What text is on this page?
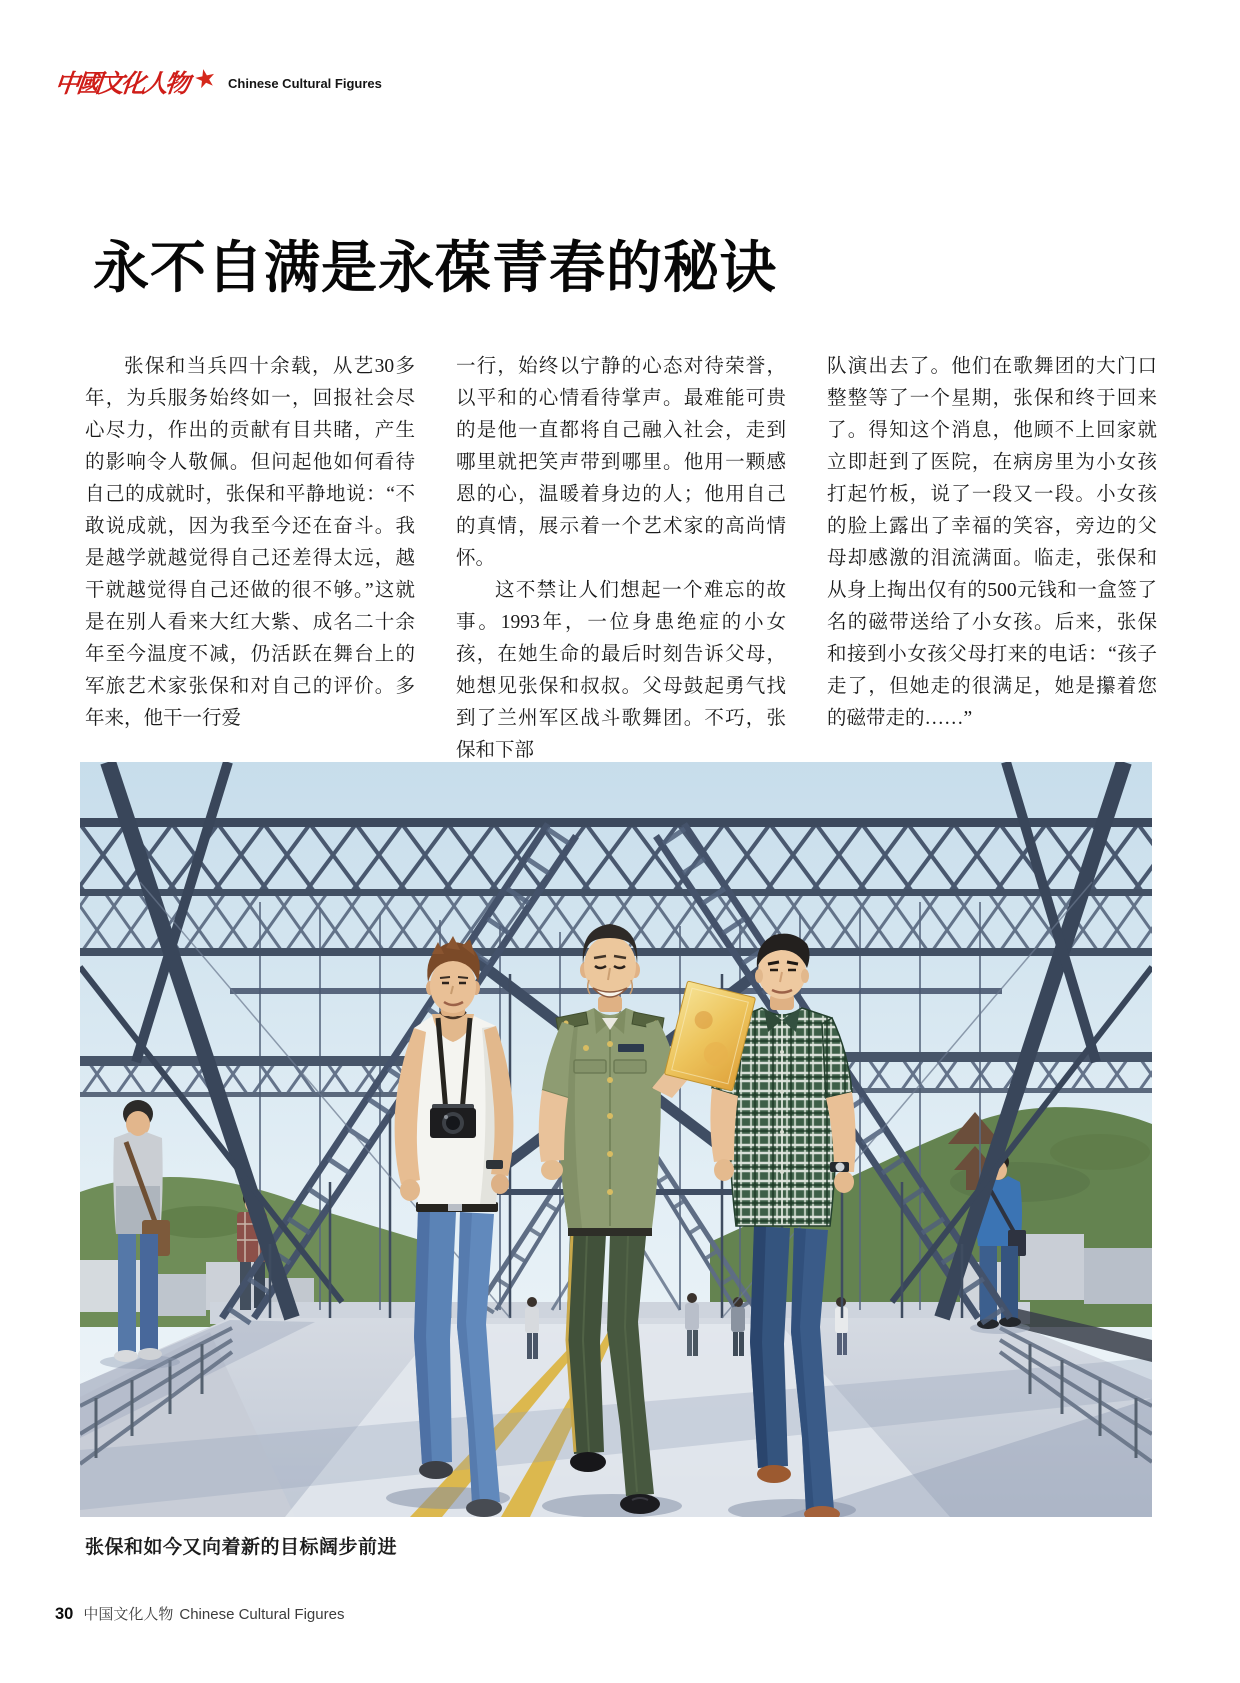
中國文化人物 ★ Chinese Cultural Figures
永不自满是永葆青春的秘诀

张保和当兵四十余载，从艺30多年，为兵服务始终如一，回报社会尽心尽力，作出的贡献有目共睹，产生的影响令人敬佩。但问起他如何看待自己的成就时，张保和平静地说：“不敢说成就，因为我至今还在奋斗。我是越学就越觉得自己还差得太远，越干就越觉得自己还做的很不够。”这就是在别人看来大红大紫、成名二十余年至今温度不减，仍活跃在舞台上的军旅艺术家张保和对自己的评价。多年来，他干一行爱

一行，始终以宁静的心态对待荣誉，以平和的心情看待掌声。最难能可贵的是他一直都将自己融入社会，走到哪里就把笑声带到哪里。他用一颗感恩的心，温暖着身边的人；他用自己的真情，展示着一个艺术家的高尚情怀。

这不禁让人们想起一个难忘的故事。1993年，一位身患绝症的小女孩，在她生命的最后时刻告诉父母，她想见张保和叔叔。父母鼓起勇气找到了兰州军区战斗歌舞团。不巧，张保和下部

队演出去了。他们在歌舞团的大门口整整等了一个星期，张保和终于回来了。得知这个消息，他顾不上回家就立即赶到了医院，在病房里为小女孩打起竹板，说了一段又一段。小女孩的脸上露出了幸福的笑容，旁边的父母却感激的泪流满面。临走，张保和从身上掏出仅有的500元钱和一盒签了名的磁带送给了小女孩。后来，张保和接到小女孩父母打来的电话：“孩子走了，但她走的很满足，她是攥着您的磁带走的……”

张保和如今又向着新的目标阔步前进
30 中国文化人物 Chinese Cultural Figures
